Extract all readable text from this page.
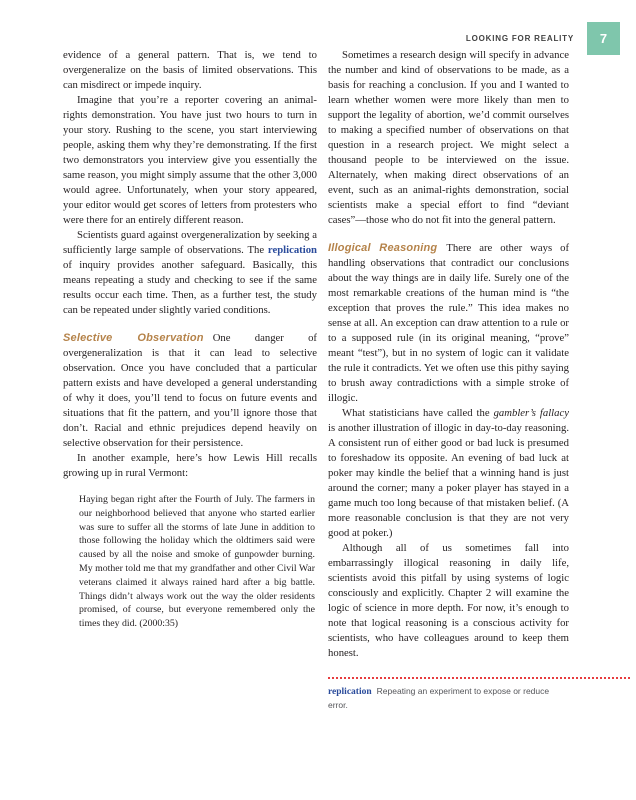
LOOKING FOR REALITY	7

evidence of a general pattern. That is, we tend to overgeneralize on the basis of limited observations. This can misdirect or impede inquiry.

Imagine that you’re a reporter covering an animal-rights demonstration. You have just two hours to turn in your story. Rushing to the scene, you start interviewing people, asking them why they’re demonstrating. If the first two demonstrators you interview give you essentially the same reason, you might simply assume that the other 3,000 would agree. Unfortunately, when your story appeared, your editor would get scores of letters from protesters who were there for an entirely different reason.

Scientists guard against overgeneralization by seeking a sufficiently large sample of observations. The replication of inquiry provides another safeguard. Basically, this means repeating a study and checking to see if the same results occur each time. Then, as a further test, the study can be repeated under slightly varied conditions.

Selective Observation One danger of overgeneralization is that it can lead to selective observation. Once you have concluded that a particular pattern exists and have developed a general understanding of why it does, you’ll tend to focus on future events and situations that fit the pattern, and you’ll ignore those that don’t. Racial and ethnic prejudices depend heavily on selective observation for their persistence.

In another example, here’s how Lewis Hill recalls growing up in rural Vermont:

Haying began right after the Fourth of July. The farmers in our neighborhood believed that anyone who started earlier was sure to suffer all the storms of late June in addition to those following the holiday which the oldtimers said were caused by all the noise and smoke of gunpowder burning. My mother told me that my grandfather and other Civil War veterans claimed it always rained hard after a big battle. Things didn’t always work out the way the older residents promised, of course, but everyone remembered only the times they did. (2000:35)

Sometimes a research design will specify in advance the number and kind of observations to be made, as a basis for reaching a conclusion. If you and I wanted to learn whether women were more likely than men to support the legality of abortion, we’d commit ourselves to making a specified number of observations on that question in a research project. We might select a thousand people to be interviewed on the issue. Alternately, when making direct observations of an event, such as an animal-rights demonstration, social scientists make a special effort to find “deviant cases”—those who do not fit into the general pattern.

Illogical Reasoning There are other ways of handling observations that contradict our conclusions about the way things are in daily life. Surely one of the most remarkable creations of the human mind is “the exception that proves the rule.” This idea makes no sense at all. An exception can draw attention to a rule or to a supposed rule (in its original meaning, “prove” meant “test”), but in no system of logic can it validate the rule it contradicts. Yet we often use this pithy saying to brush away contradictions with a simple stroke of illogic.

What statisticians have called the gambler’s fallacy is another illustration of illogic in day-to-day reasoning. A consistent run of either good or bad luck is presumed to foreshadow its opposite. An evening of bad luck at poker may kindle the belief that a winning hand is just around the corner; many a poker player has stayed in a game much too long because of that mistaken belief. (A more reasonable conclusion is that they are not very good at poker.)

Although all of us sometimes fall into embarrassingly illogical reasoning in daily life, scientists avoid this pitfall by using systems of logic consciously and explicitly. Chapter 2 will examine the logic of science in more depth. For now, it’s enough to note that logical reasoning is a conscious activity for scientists, who have colleagues around to keep them honest.

replication Repeating an experiment to expose or reduce error.
